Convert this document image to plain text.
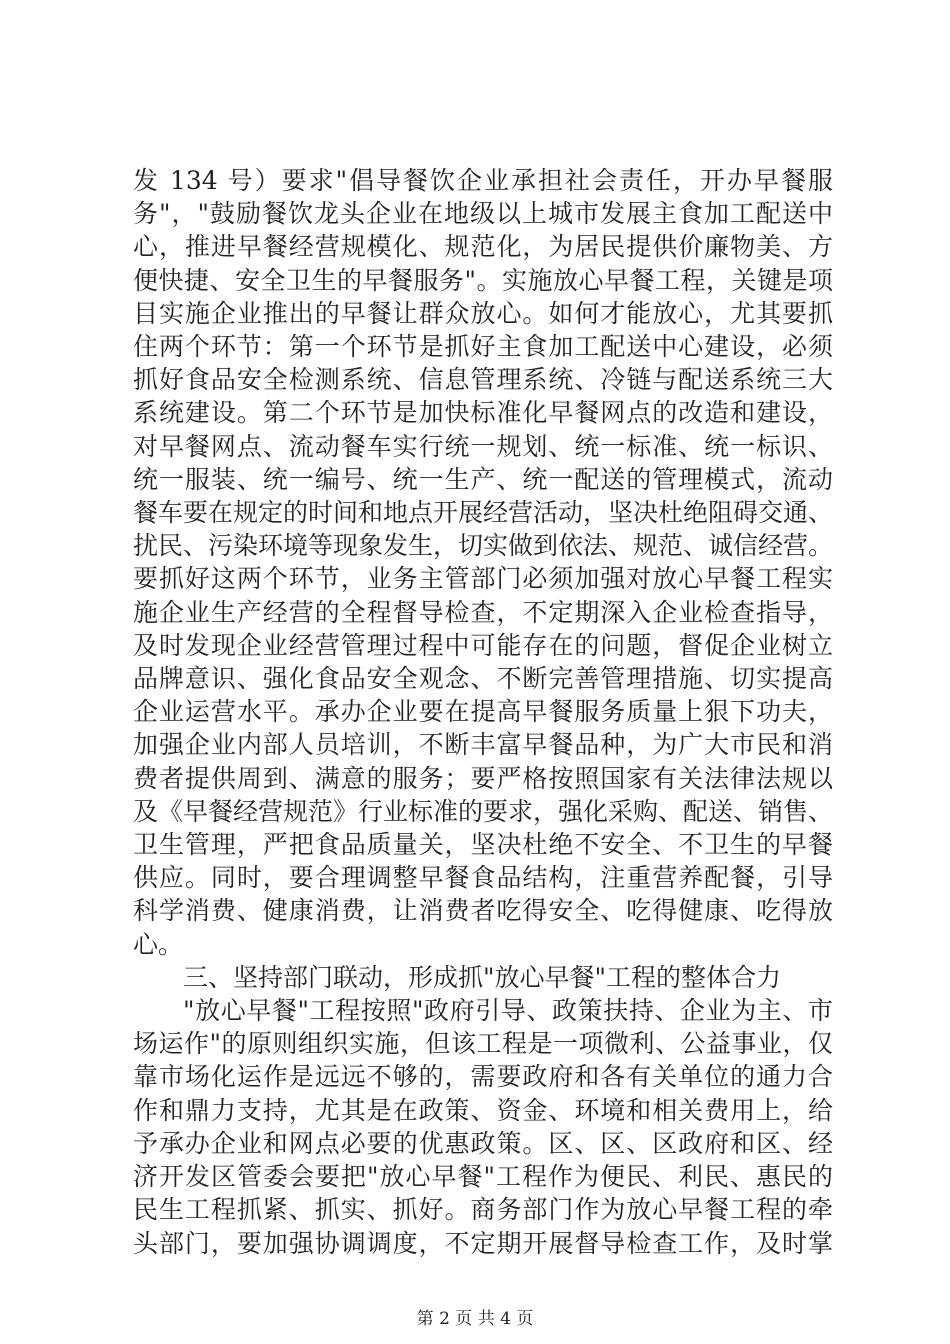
发 134 号）要求"倡导餐饮企业承担社会责任，开办早餐服
务"，"鼓励餐饮龙头企业在地级以上城市发展主食加工配送中
心，推进早餐经营规模化、规范化，为居民提供价廉物美、方
便快捷、安全卫生的早餐服务"。实施放心早餐工程，关键是项
目实施企业推出的早餐让群众放心。如何才能放心，尤其要抓
住两个环节：第一个环节是抓好主食加工配送中心建设，必须
抓好食品安全检测系统、信息管理系统、冷链与配送系统三大
系统建设。第二个环节是加快标准化早餐网点的改造和建设，
对早餐网点、流动餐车实行统一规划、统一标准、统一标识、
统一服装、统一编号、统一生产、统一配送的管理模式，流动
餐车要在规定的时间和地点开展经营活动，坚决杜绝阻碍交通、
扰民、污染环境等现象发生，切实做到依法、规范、诚信经营。
要抓好这两个环节，业务主管部门必须加强对放心早餐工程实
施企业生产经营的全程督导检查，不定期深入企业检查指导，
及时发现企业经营管理过程中可能存在的问题，督促企业树立
品牌意识、强化食品安全观念、不断完善管理措施、切实提高
企业运营水平。承办企业要在提高早餐服务质量上狠下功夫，
加强企业内部人员培训，不断丰富早餐品种，为广大市民和消
费者提供周到、满意的服务；要严格按照国家有关法律法规以
及《早餐经营规范》行业标准的要求，强化采购、配送、销售、
卫生管理，严把食品质量关，坚决杜绝不安全、不卫生的早餐
供应。同时，要合理调整早餐食品结构，注重营养配餐，引导
科学消费、健康消费，让消费者吃得安全、吃得健康、吃得放
心。

三、坚持部门联动，形成抓"放心早餐"工程的整体合力

"放心早餐"工程按照"政府引导、政策扶持、企业为主、市
场运作"的原则组织实施，但该工程是一项微利、公益事业，仅
靠市场化运作是远远不够的，需要政府和各有关单位的通力合
作和鼎力支持，尤其是在政策、资金、环境和相关费用上，给
予承办企业和网点必要的优惠政策。区、区、区政府和区、经
济开发区管委会要把"放心早餐"工程作为便民、利民、惠民的
民生工程抓紧、抓实、抓好。商务部门作为放心早餐工程的牵
头部门，要加强协调调度，不定期开展督导检查工作，及时掌

第 2 页 共 4 页
